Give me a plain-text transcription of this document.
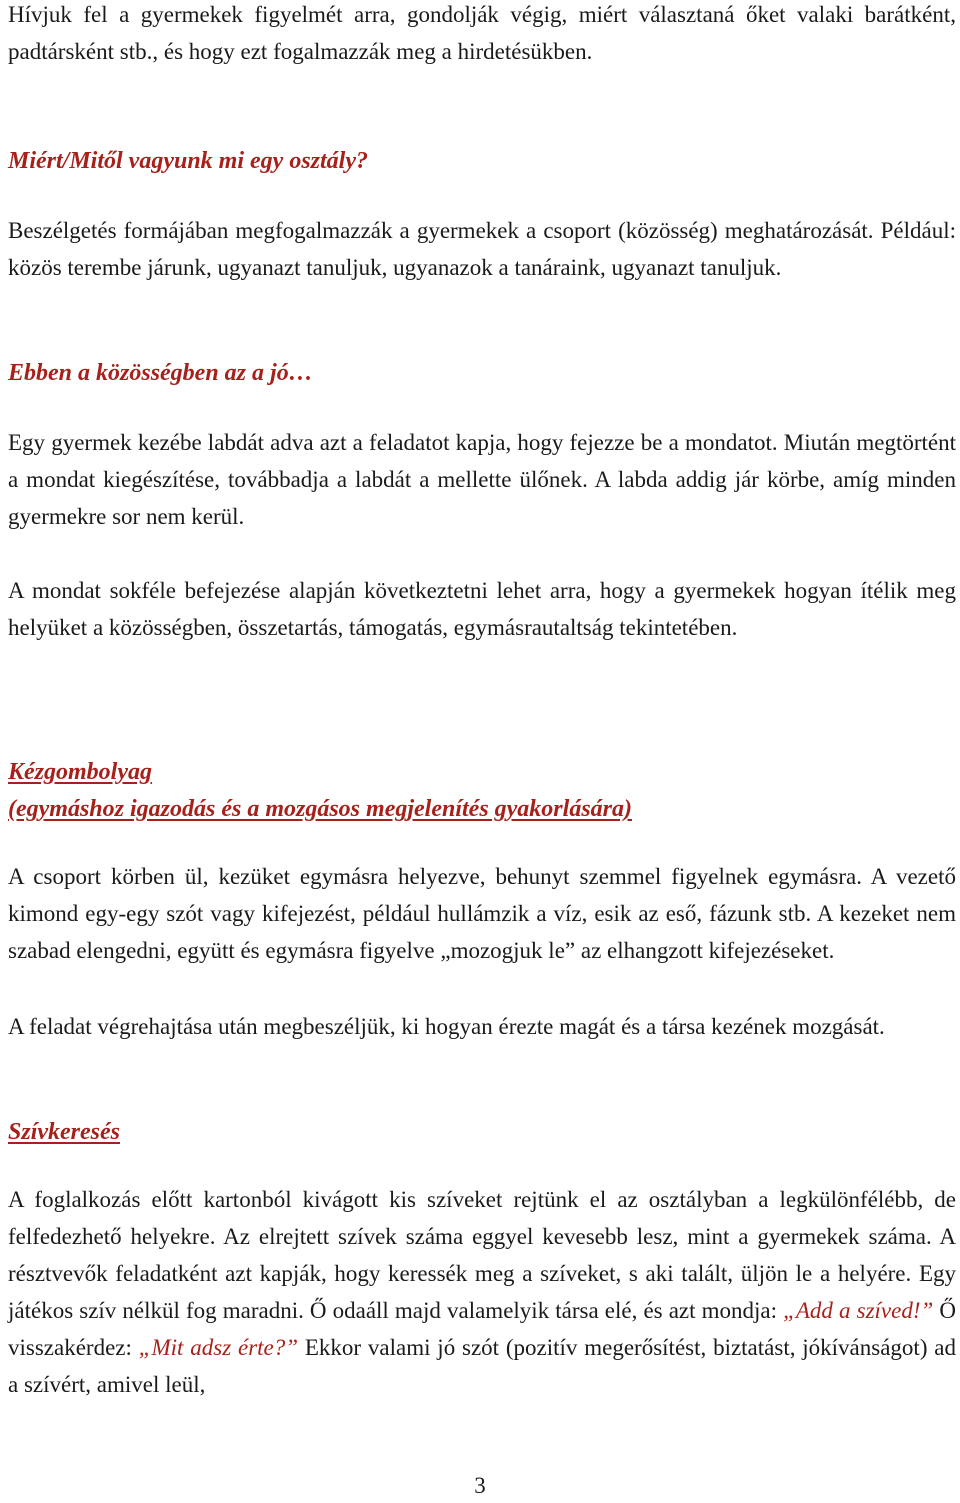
Hívjuk fel a gyermekek figyelmét arra, gondolják végig, miért választaná őket valaki barátként, padtársként stb., és hogy ezt fogalmazzák meg a hirdetésükben.

Miért/Mitől vagyunk mi egy osztály?

Beszélgetés formájában megfogalmazzák a gyermekek a csoport (közösség) meghatározását. Például: közös terembe járunk, ugyanazt tanuljuk, ugyanazok a tanáraink, ugyanazt tanuljuk.

Ebben a közösségben az a jó…

Egy gyermek kezébe labdát adva azt a feladatot kapja, hogy fejezze be a mondatot. Miután megtörtént a mondat kiegészítése, továbbadja a labdát a mellette ülőnek. A labda addig jár körbe, amíg minden gyermekre sor nem kerül.

A mondat sokféle befejezése alapján következtetni lehet arra, hogy a gyermekek hogyan ítélik meg helyüket a közösségben, összetartás, támogatás, egymásrautaltság tekintetében.

Kézgombolyag
(egymáshoz igazodás és a mozgásos megjelenítés gyakorlására)

A csoport körben ül, kezüket egymásra helyezve, behunyt szemmel figyelnek egymásra. A vezető kimond egy-egy szót vagy kifejezést, például hullámzik a víz, esik az eső, fázunk stb. A kezeket nem szabad elengedni, együtt és egymásra figyelve „mozogjuk le” az elhangzott kifejezéseket.

A feladat végrehajtása után megbeszéljük, ki hogyan érezte magát és a társa kezének mozgását.

Szívkeresés

A foglalkozás előtt kartonból kivágott kis szíveket rejtünk el az osztályban a legkülönfélébb, de felfedezhető helyekre. Az elrejtett szívek száma eggyel kevesebb lesz, mint a gyermekek száma. A résztvevők feladatként azt kapják, hogy keressék meg a szíveket, s aki talált, üljön le a helyére. Egy játékos szív nélkül fog maradni. Ő odaáll majd valamelyik társa elé, és azt mondja: „Add a szíved!” Ő visszakérdez: „Mit adsz érte?” Ekkor valami jó szót (pozitív megerősítést, biztatást, jókívánságot) ad a szívért, amivel leül,

3
